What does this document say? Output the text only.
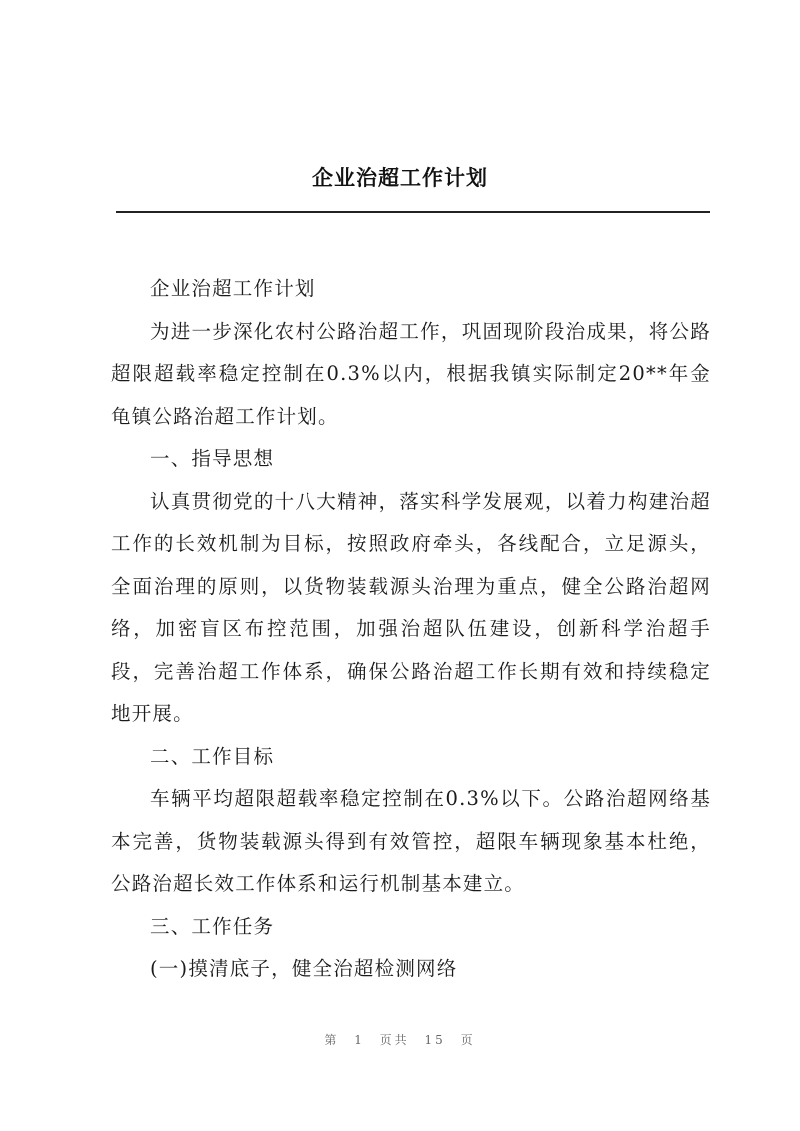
企业治超工作计划

企业治超工作计划

为进一步深化农村公路治超工作，巩固现阶段治成果，将公路超限超载率稳定控制在0.3%以内，根据我镇实际制定20**年金龟镇公路治超工作计划。

一、指导思想

认真贯彻党的十八大精神，落实科学发展观，以着力构建治超工作的长效机制为目标，按照政府牵头，各线配合，立足源头，全面治理的原则，以货物装载源头治理为重点，健全公路治超网络，加密盲区布控范围，加强治超队伍建设，创新科学治超手段，完善治超工作体系，确保公路治超工作长期有效和持续稳定地开展。

二、工作目标

车辆平均超限超载率稳定控制在0.3%以下。公路治超网络基本完善，货物装载源头得到有效管控，超限车辆现象基本杜绝，公路治超长效工作体系和运行机制基本建立。

三、工作任务

(一)摸清底子，健全治超检测网络

第 1 页共 15 页
